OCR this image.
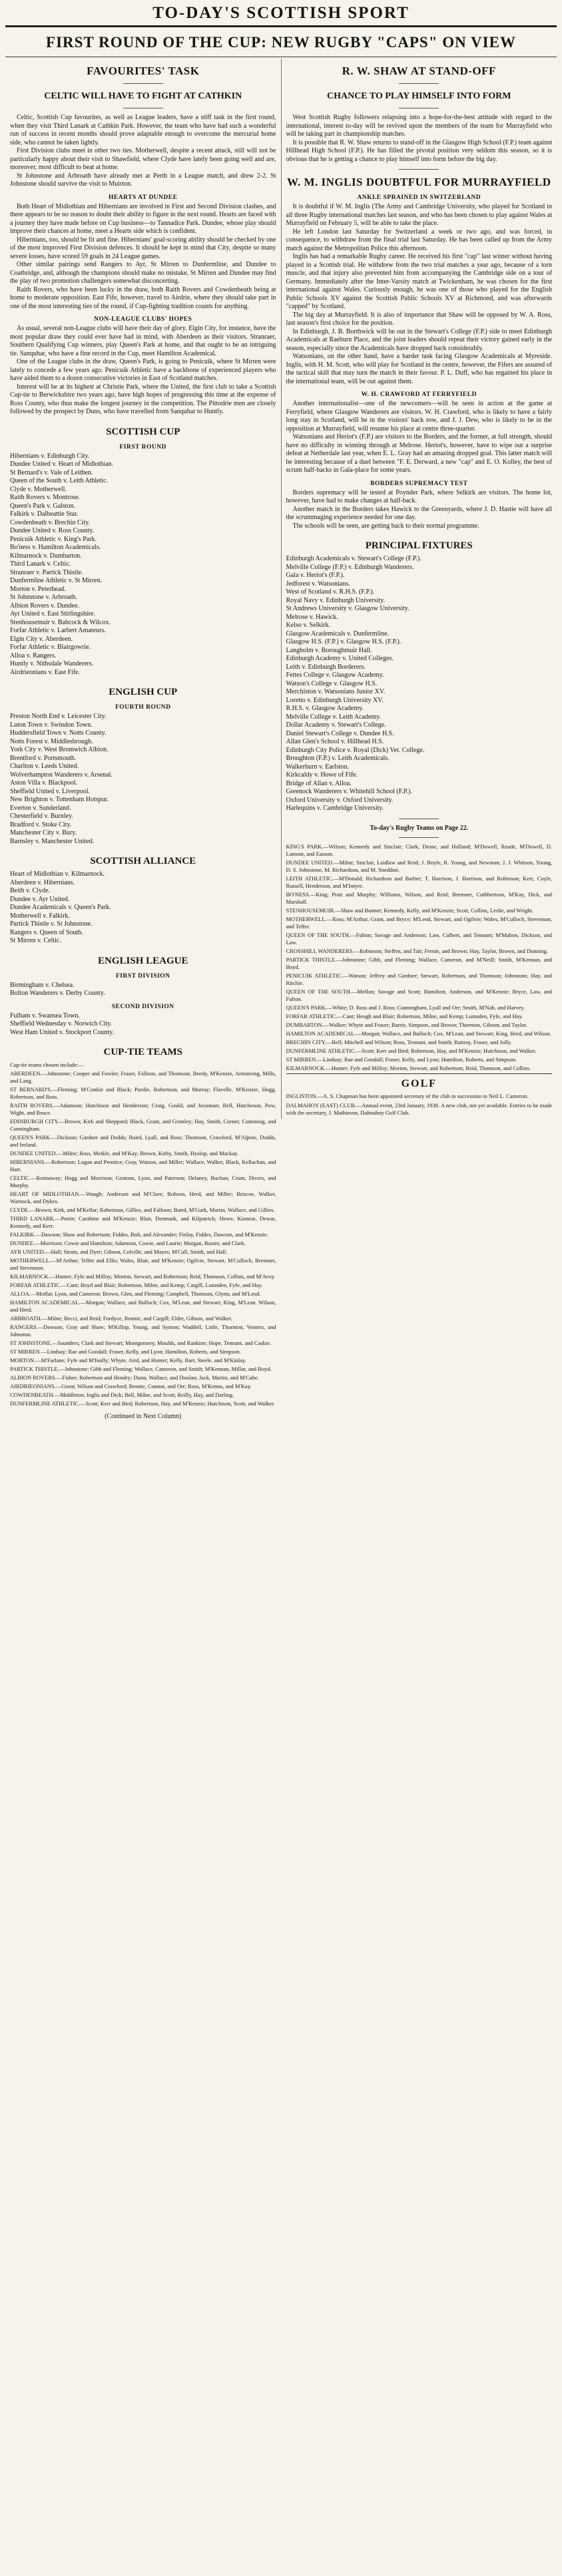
TO-DAY'S SCOTTISH SPORT
FIRST ROUND OF THE CUP: NEW RUGBY "CAPS" ON VIEW
FAVOURITES' TASK
CELTIC WILL HAVE TO FIGHT AT CATHKIN

Celtic, Scottish Cup favourites, as well as League leaders, have a stiff task in the first round, when they visit Third Lanark at Cathkin Park. However, the team who have had such a wonderful run of success in recent months should prove adaptable enough to overcome the mercurial home side, who cannot be taken lightly.

First Division clubs meet in other two ties. Motherwell, despite a recent attack, still will not be particularly happy about their visit to Shawfield, where Clyde have lately been going well and are, moreover, most difficult to beat at home.

St Johnstone and Arbroath have already met at Perth in a League match, and drew 2-2. St Johnstone should survive the visit to Muirton.

HEARTS AT DUNDEE

Both Heart of Midlothian and Hibernians are involved in First and Second Division clashes, and there appears to be no reason to doubt their ability to figure in the next round. Hearts are faced with a journey they have made before on Cup business—to Tannadice Park. Dundee, whose play should improve their chances at home, meet a Hearts side which is confident.

Hibernians, too, should be fit and fine. Hibernians' goal-scoring ability should be checked by one of the most improved First Division defences. It should be kept in mind that City, despite so many severe losses, have scored 59 goals in 24 League games.

Other similar pairings send Rangers to Ayr, St Mirren to Dunfermline, and Dundee to Coatbridge, and, although the champions should make no mistake, St Mirren and Dundee may find the play of two promotion challengers somewhat disconcerting.

Raith Rovers, who have been lucky in the draw, both Raith Rovers and Cowdenbeath being at home to moderate opposition. East Fife, however, travel to Airdrie, where they should take part in one of the most interesting ties of the round, if Cup-fighting tradition counts for anything.

NON-LEAGUE CLUBS' HOPES

As usual, several non-League clubs will have their day of glory. Elgin City, for instance, have the most popular draw they could ever have had in mind, with Aberdeen as their visitors. Stranraer, Southern Qualifying Cup winners, play Queen's Park at home, and that ought to be an intriguing tie. Sanquhar, who have a fine record in the Cup, meet Hamilton Academical.

One of the League clubs in the draw, Queen's Park, is going to Penicuik, where St Mirren were lately to concede a few years ago. Penicuik Athletic have a backbone of experienced players who have aided them to a dozen consecutive victories in East of Scotland matches.

Interest will be at its highest at Christie Park, where the United, the first club to take a Scottish Cup-tie to Berwickshire two years ago, have high hopes of progressing this time at the expense of Ross County, who thus make the longest journey in the competition. The Pittodrie men are closely followed by the prospect by Duns, who have travelled from Sanquhar to Huntly.

SCOTTISH CUP
FIRST ROUND
Hibernians v. Edinburgh City.
Dundee United v. Heart of Midlothian.
St Bernard's v. Vale of Leithen.
Queen of the South v. Leith Athletic.
Clyde v. Motherwell.
Raith Rovers v. Montrose.
Queen's Park v. Galston.
Falkirk v. Dalbeattie Star.
Cowdenbeath v. Brechin City.
Dundee United v. Ross County.
Penicuik Athletic v. King's Park.
Bo'ness v. Hamilton Academicals.
Kilmarnock v. Dumbarton.
Third Lanark v. Celtic.
Stranraer v. Partick Thistle.
Dunfermline Athletic v. St Mirren.
Morton v. Peterhead.
St Johnstone v. Arbroath.
Albion Rovers v. Dundee.
Ayr United v. East Stirlingshire.
Stenhousemuir v. Babcock & Wilcox.
Forfar Athletic v. Larbert Amateurs.
Elgin City v. Aberdeen.
Forfar Athletic v. Blairgowrie.
Alloa v. Rangers.
Huntly v. Nithsdale Wanderers.
Airdrieonians v. East Fife.
ENGLISH CUP
FOURTH ROUND
Preston North End v. Leicester City.
Luton Town v. Swindon Town.
Huddersfield Town v. Notts County.
Notts Forest v. Middlesbrough.
York City v. West Bromwich Albion.
Brentford v. Portsmouth.
Charlton v. Leeds United.
Wolverhampton Wanderers v. Arsenal.
Aston Villa v. Blackpool.
Sheffield United v. Liverpool.
New Brighton v. Tottenham Hotspur.
Everton v. Sunderland.
Chesterfield v. Burnley.
Bradford v. Stoke City.
Manchester City v. Bury.
Barnsley v. Manchester United.
SCOTTISH ALLIANCE
Heart of Midlothian v. Kilmarnock.
Aberdeen v. Hibernians.
Beith v. Clyde.
Dundee v. Ayr United.
Dundee Academicals v. Queen's Park.
Motherwell v. Falkirk.
Partick Thistle v. St Johnstone.
Rangers v. Queen of South.
St Mirren v. Celtic.
ENGLISH LEAGUE
FIRST DIVISION
Birmingham v. Chelsea.
Bolton Wanderers v. Derby County.
SECOND DIVISION
Fulham v. Swansea Town.
Sheffield Wednesday v. Norwich City.
West Ham United v. Stockport County.
CUP-TIE TEAMS

Cup-tie teams chosen include:—

ABERDEEN.—Johnstone; Cooper and Fowler; Fraser, Falloon, and Thomson; Beedy, M'Kenzie, Armstrong, Mills, and Lang.

ST BERNARD'S.—Fleming; M'Conkie and Black; Purdie, Robertson, and Murray; Flavelle, M'Kenzie, Hogg, Robertson, and Ross.

RAITH ROVERS.—Adamson; Hutchison and Henderson; Craig, Gould, and Jessiman; Bell, Hutcheson, Pow, Wight, and Bruce.

EDINBURGH CITY.—Brown; Kirk and Sheppard; Black, Grant, and Grimley; Hay, Smith, Corner, Cumming, and Cunningham.

QUEEN'S PARK.—Dickson; Gardner and Dodds; Baird, Lyall, and Ross; Thomson, Crawford, M'Alpine, Dodds, and Ireland.

DUNDEE UNITED.—Milne; Ross, Meikle, and M'Kay; Brown, Kirby, Smith, Hyslop, and Mackay.

HIBERNIANS.—Robertson; Logan and Prentice; Gray, Watson, and Miller; Wallace, Walker, Black, Kellachan, and Hart.

CELTIC.—Kennaway; Hogg and Morrison; Geatons, Lyon, and Paterson; Delaney, Buchan, Crum, Divers, and Murphy.

HEART OF MIDLOTHIAN.—Waugh; Anderson and M'Clure; Robson, Herd, and Miller; Briscoe, Walker, Warnock, and Dykes.

CLYDE.—Brown; Kirk, and M'Kellar; Robertson, Gillies, and Falloon; Baird, M'Gurk, Martin, Wallace, and Gillies.

THIRD LANARK.—Petrie; Carabine and M'Kenzie; Blair, Denmark, and Kilpatrick; Howe, Kinnear, Dewar, Kennedy, and Kerr.

FALKIRK.—Dawson; Shaw and Robertson; Fiddes, Bolt, and Alexander; Finlay, Fiddes, Dawson, and M'Kenzie.

DUNDEE.—Morrison; Cowie and Hamilton; Adamson, Cowie, and Laurie; Morgan, Baxter, and Clark.

AYR UNITED.—Hall; Strain, and Dyer; Gibson, Colville, and Mayes; M'Call, Smith, and Hall.

MOTHERWELL.—M'Arthur; Telfer and Ellis; Wales, Blair, and M'Kenzie; Ogilvie, Stewart, M'Culloch, Bremner, and Stevenson.

KILMARNOCK.—Hunter; Fyfe and Milloy; Morton, Stewart, and Robertson; Reid, Thomson, Collins, and M'Avoy.

FORFAR ATHLETIC.—Cant; Boyd and Blair; Robertson, Milne, and Kemp; Cargill, Lumsden, Fyfe, and Hay.

ALLOA.—Moffat; Lyon, and Cameron; Brown, Glen, and Fleming; Campbell, Thomson, Glynn, and M'Leod.

HAMILTON ACADEMICAL.—Morgan; Wallace, and Bulloch; Cox, M'Lean, and Stewart; King, M'Lean, Wilson, and Herd.

ARBROATH.—Milne; Becci, and Reid; Fordyce, Rennie, and Cargill; Elder, Gibson, and Walker.

RANGERS.—Dawson; Gray and Shaw; M'Killop, Young, and Symon; Waddell, Little, Thornton, Venters, and Johnston.

ST JOHNSTONE.—Saunders; Clark and Stewart; Montgomery, Moulds, and Rankine; Hope, Tennant, and Caskie.

ST MIRREN.—Lindsay; Rae and Goodall; Fraser, Kelly, and Lyon; Hamilton, Roberts, and Simpson.

MORTON.—M'Farlane; Fyfe and M'Inally; Whyte, Aird, and Hunter; Kelly, Barr, Steele, and M'Kinlay.

PARTICK THISTLE.—Johnstone; Gibb and Fleming; Wallace, Cameron, and Smith; M'Kennan, Millar, and Boyd.

ALBION ROVERS.—Fisher; Robertson and Hendry; Dunn, Wallace, and Doolan; Jack, Martin, and M'Cabe.

AIRDRIEONIANS.—Grant; Wilson and Crawford; Bennie, Connor, and Orr; Ross, M'Kenna, and M'Kay.

COWDENBEATH.—Middleton; Inglis and Dick; Bell, Milne, and Scott; Reilly, Hay, and Darling.

DUNFERMLINE ATHLETIC.—Scott; Kerr and Bird; Robertson, Hay, and M'Kenzie; Hutchison, Scott, and Walker.

(Continued in Next Column)
R. W. SHAW AT STAND-OFF
CHANCE TO PLAY HIMSELF INTO FORM

West Scottish Rugby followers relapsing into a hope-for-the-best attitude with regard to the international, interest to-day will be revived upon the members of the team for Murrayfield who will be taking part in championship matches.

It is possible that R. W. Shaw returns to stand-off in the Glasgow High School (F.P.) team against Hillhead High School (F.P.). He has filled the pivotal position very seldom this season, so it is obvious that he is getting a chance to play himself into form before the big day.

W. M. INGLIS DOUBTFUL FOR MURRAYFIELD
ANKLE SPRAINED IN SWITZERLAND

It is doubtful if W. M. Inglis (The Army and Cambridge University, who played for Scotland in all three Rugby international matches last season, and who has been chosen to play against Wales at Murrayfield on February 5, will be able to take the place.

He left London last Saturday for Switzerland a week or two ago, and was forced, in consequence, to withdraw from the final trial last Saturday. He has been called up from the Army match against the Metropolitan Police this afternoon.

Inglis has had a remarkable Rugby career. He received his first "cap" last winter without having played in a Scottish trial. He withdrew from the two trial matches a year ago, because of a torn muscle, and that injury also prevented him from accompanying the Cambridge side on a tour of Germany. Immediately after the Inter-Varsity match at Twickenham, he was chosen for the first international against Wales. Curiously enough, he was one of those who played for the English Public Schools XV against the Scottish Public Schools XV at Richmond, and was afterwards "capped" by Scotland.

The big day at Murrayfield. It is also of importance that Shaw will be opposed by W. A. Ross, last season's first choice for the position.

In Edinburgh, J. B. Borthwick will be out in the Stewart's College (F.P.) side to meet Edinburgh Academicals at Raeburn Place, and the joint leaders should repeat their victory gained early in the season, especially since the Academicals have dropped back considerably.

Watsonians, on the other hand, have a harder task facing Glasgow Academicals at Myreside. Inglis, with H. M. Scott, who will play for Scotland in the centre, however, the Fifers are assured of the tactical skill that may turn the match in their favour. P. L. Duff, who has regained his place in the international team, will be out against them.

W. H. CRAWFORD AT FERRYFIELD

Another internationalist—one of the newcomers—will be seen in action at the game at Ferryfield, where Glasgow Wanderers are visitors. W. H. Crawford, who is likely to have a fairly long stay in Scotland, will be in the visitors' back row, and J. J. Dew, who is likely to be in the opposition at Murrayfield, will resume his place at centre three-quarter.

Watsonians and Heriot's (F.P.) are visitors to the Borders, and the former, at full strength, should have no difficulty in winning through at Melrose. Heriot's, however, have to wipe out a surprise defeat at Netherdale last year, when E. L. Gray had an amazing dropped goal. This latter match will be interesting because of a duel between "F. E. Derward, a new "cap" and E. O. Kolley, the best of scrum half-backs in Gala-place for some years.

BORDERS SUPREMACY TEST

Borders supremacy will be tested at Poynder Park, where Selkirk are visitors. The home lot, however, have had to make changes at half-back.

Another match in the Borders takes Hawick to the Greenyards, where J. D. Hastie will have all the scrummaging experience needed for one day.

The schools will be seen, are getting back to their normal programme.

PRINCIPAL FIXTURES
Edinburgh Academicals v. Stewart's College (F.P.).
Melville College (F.P.) v. Edinburgh Wanderers.
Gala v. Heriot's (F.P.).
Jedforest v. Watsonians.
West of Scotland v. R.H.S. (F.P.).
Royal Navy v. Edinburgh University.
St Andrews University v. Glasgow University.
Melrose v. Hawick.
Kelso v. Selkirk.
Glasgow Academicals v. Dunfermline.
Glasgow H.S. (F.P.) v. Glasgow H.S. (F.P.).
Langholm v. Boroughmuir Hall.
Edinburgh Academy v. United Colleges.
Leith v. Edinburgh Borderers.
Fettes College v. Glasgow Academy.
Watson's College v. Glasgow H.S.
Merchiston v. Watsonians Junior XV.
Loretto v. Edinburgh University XV.
R.H.S. v. Glasgow Academy.
Melville College v. Leith Academy.
Dollar Academy v. Stewart's College.
Daniel Stewart's College v. Dundee H.S.
Allan Glen's School v. Hillhead H.S.
Edinburgh City Police v. Royal (Dick) Vet. College.
Broughton (F.P.) v. Leith Academicals.
Walkerburn v. Earlston.
Kirkcaldy v. Howe of Fife.
Bridge of Allan v. Alloa.
Greenock Wanderers v. Whitehill School (F.P.).
Oxford University v. Oxford University.
Harlequins v. Cambridge University.
To-day's Rugby Teams on Page 22.

KING'S PARK.—Wilson; Kennedy and Sinclair; Clark, Dease, and Holland; M'Dowell, Reade, M'Dowell, D. Lamont, and Easson.

DUNDEE UNITED.—Milne; Sinclair, Laidlaw and Reid; J. Boyle, R. Young, and Newman; J. J. Whitson, Young, D. S. Johnstone, M. Richardson, and M. Sneddon.

LEITH ATHLETIC.—M'Donald; Richardson and Barber; T. Harrison, J. Harrison, and Robinson; Kerr, Coyle, Russell, Henderson, and M'Intyre.

BO'NESS.—King; Pratt and Murphy; Williams, Wilson, and Reid; Bremner, Cuthbertson, M'Kay, Dick, and Marshall.

STENHOUSEMUIR.—Shaw and Bunnet; Kennedy, Kelly, and M'Kenzie; Scott, Collins, Leslie, and Wright.

MOTHERWELL.—Ross; M'Arthur, Grant, and Bryce; M'Leod, Stewart, and Ogilvie; Wales, M'Culloch, Stevenson, and Telfer.

QUEEN OF THE SOUTH.—Fulton; Savage and Anderson; Law, Culbert, and Tennant; M'Mahon, Dickson, and Law.

CROSSHILL WANDERERS.—Robinson; Steffen, and Tait; Fernie, and Brown; Hay, Taylor, Brown, and Dunning.

PARTICK THISTLE.—Johnstone; Gibb, and Fleming; Wallace, Cameron, and M'Neill; Smith, M'Kennan, and Boyd.

PENICUIK ATHLETIC.—Watson; Jeffrey and Gardner; Stewart, Robertson, and Thomson; Johnstone, Hay, and Ritchie.

QUEEN OF THE SOUTH.—Mellon; Savage and Scott; Hamilton, Anderson, and M'Kenzie; Bryce, Law, and Fulton.

QUEEN'S PARK.—White; D. Ross and J. Ross; Cunningham, Lyall and Orr; Smith, M'Nab, and Harvey.

FORFAR ATHLETIC.—Cant; Heugh and Blair; Robertson, Milne, and Kemp; Lumsden, Fyfe, and Hay.

DUMBARTON.—Walker; Whyte and Fraser; Barrie, Simpson, and Brown; Thornton, Gibson, and Taylor.

HAMILTON ACADEMICAL.—Morgan; Wallace, and Bulloch; Cox, M'Lean, and Stewart; King, Herd, and Wilson.

BRECHIN CITY.—Bell; Mitchell and Wilson; Ross, Tennant, and Smith; Rattray, Fraser, and Jolly.

DUNFERMLINE ATHLETIC.—Scott; Kerr and Bird; Robertson, Hay, and M'Kenzie; Hutchison, and Walker.

ST MIRREN.—Lindsay; Rae and Goodall; Fraser, Kelly, and Lyon; Hamilton, Roberts, and Simpson.

KILMARNOCK.—Hunter; Fyfe and Milloy; Morton, Stewart, and Robertson; Reid, Thomson, and Collins.

GOLF

INGLISTON.—A. S. Chapman has been appointed secretary of the club in succession to Neil L. Cameron.

DALMAHOY (EAST) CLUB.—Annual event, 23rd January, 1938. A new club, not yet available. Entries to be made with the secretary, J. Mathieson, Dalmahoy Golf Club.
